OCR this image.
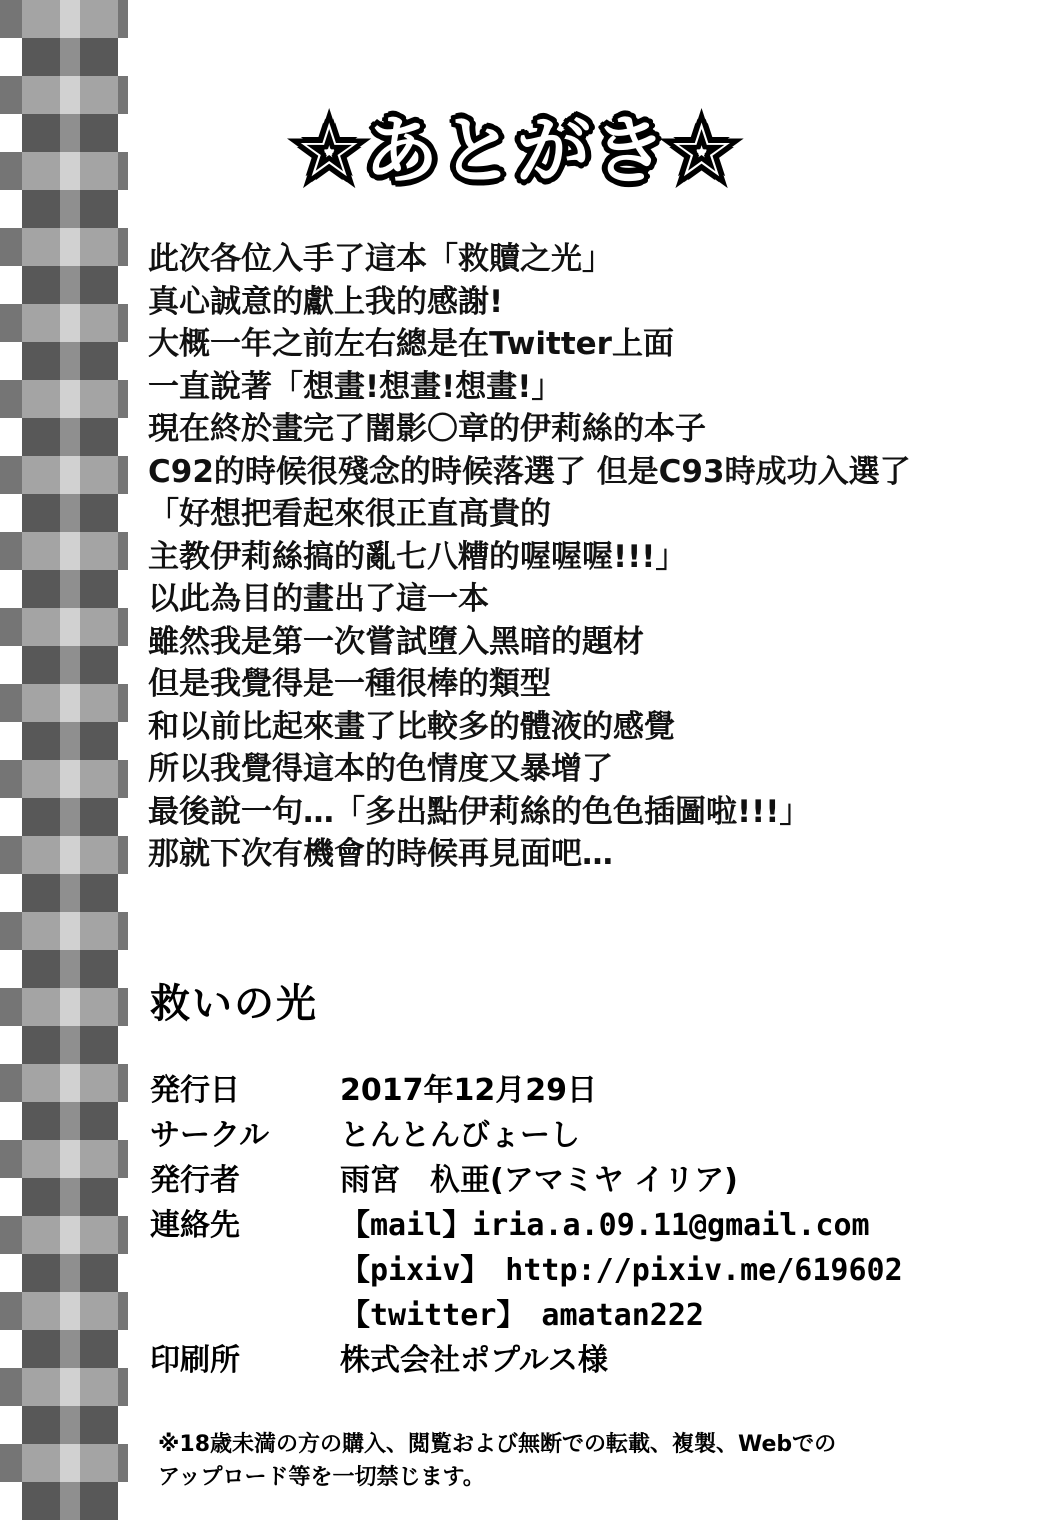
☆あとがき☆
此次各位入手了這本「救贖之光」
真心誠意的獻上我的感謝!
大概一年之前左右總是在Twitter上面
一直說著「想畫!想畫!想畫!」
現在終於畫完了闇影〇章的伊莉絲的本子
C92的時候很殘念的時候落選了 但是C93時成功入選了
「好想把看起來很正直高貴的
主教伊莉絲搞的亂七八糟的喔喔喔!!!」
以此為目的畫出了這一本
雖然我是第一次嘗試墮入黑暗的題材
但是我覺得是一種很棒的類型
和以前比起來畫了比較多的體液的感覺
所以我覺得這本的色情度又暴增了
最後說一句…「多出點伊莉絲的色色插圖啦!!!」
那就下次有機會的時候再見面吧…
救いの光
発行日	2017年12月29日
サークル	とんとんびょーし
発行者	雨宮　杁亜(アマミヤ イリア)
連絡先	【mail】iria.a.09.11@gmail.com
【pixiv】　http://pixiv.me/619602
【twitter】　amatan222
印刷所	株式会社ポプルス様
※18歳未満の方の購入、閲覧および無断での転載、複製、Webでの
アップロード等を一切禁じます。
